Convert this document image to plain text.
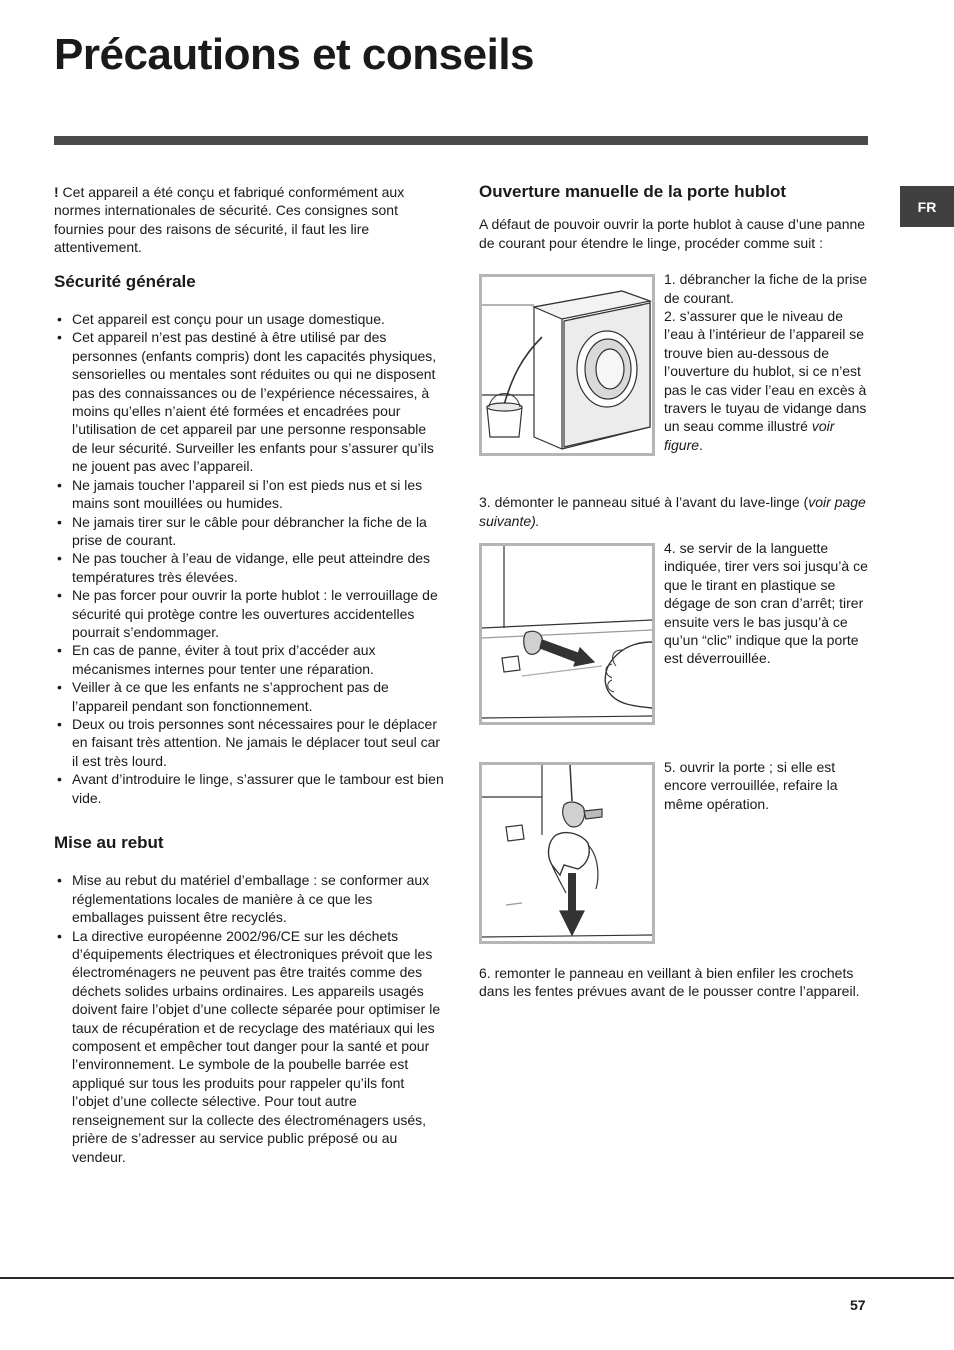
Précautions et conseils
FR

! Cet appareil a été conçu et fabriqué conformément aux normes internationales de sécurité. Ces consignes sont fournies pour des raisons de sécurité, il faut les lire attentivement.

Sécurité générale
• Cet appareil est conçu pour un usage domestique.
• Cet appareil n’est pas destiné à être utilisé par des personnes (enfants compris) dont les capacités physiques, sensorielles ou mentales sont réduites ou qui ne disposent pas des connaissances ou de l’expérience nécessaires, à moins qu’elles n’aient été formées et encadrées pour l’utilisation de cet appareil par une personne responsable de leur sécurité. Surveiller les enfants pour s’assurer qu’ils ne jouent pas avec l’appareil.
• Ne jamais toucher l’appareil si l’on est pieds nus et si les mains sont mouillées ou humides.
• Ne jamais tirer sur le câble pour débrancher la fiche de la prise de courant.
• Ne pas toucher à l’eau de vidange, elle peut atteindre des températures très élevées.
• Ne pas forcer pour ouvrir la porte hublot : le verrouillage de sécurité qui protège contre les ouvertures accidentelles pourrait s’endommager.
• En cas de panne, éviter à tout prix d’accéder aux mécanismes internes pour tenter une réparation.
• Veiller à ce que les enfants ne s’approchent pas de l’appareil pendant son fonctionnement.
• Deux ou trois personnes sont nécessaires pour le déplacer en faisant très attention. Ne jamais le déplacer tout seul car il est très lourd.
• Avant d’introduire le linge, s’assurer que le tambour est bien vide.
Mise au rebut
• Mise au rebut du matériel d’emballage : se conformer aux réglementations locales de manière à ce que les emballages puissent être recyclés.
• La directive européenne 2002/96/CE sur les déchets d’équipements électriques et électroniques prévoit que les électroménagers ne peuvent pas être traités comme des déchets solides urbains ordinaires. Les appareils usagés doivent faire l’objet d’une collecte séparée pour optimiser le taux de récupération et de recyclage des matériaux qui les composent et empêcher tout danger pour la santé et pour l’environnement. Le symbole de la poubelle barrée est appliqué sur tous les produits pour rappeler qu’ils font l’objet d’une collecte sélective. Pour tout autre renseignement sur la collecte des électroménagers usés, prière de s’adresser au service public préposé ou au vendeur.
Ouverture manuelle de la porte hublot

A défaut de pouvoir ouvrir la porte hublot à cause d’une panne de courant pour étendre le linge, procéder comme suit :

1. débrancher la fiche de la prise de courant.

2. s’assurer que le niveau de l’eau à l’intérieur de l’appareil se trouve bien au-dessous de l’ouverture du hublot, si ce n’est pas le cas vider l’eau en excès à travers le tuyau de vidange dans un seau comme illustré voir figure.

3. démonter le panneau situé à l’avant du lave-linge (voir page suivante).

4. se servir de la languette indiquée, tirer vers soi jusqu’à ce que le tirant en plastique se dégage de son cran d’arrêt; tirer ensuite vers le bas jusqu’à ce qu’un “clic” indique que la porte est déverrouillée.

5. ouvrir la porte ; si elle est encore verrouillée, refaire la même opération.

6. remonter le panneau en veillant à bien enfiler les crochets dans les fentes prévues avant de le pousser contre l’appareil.

57
